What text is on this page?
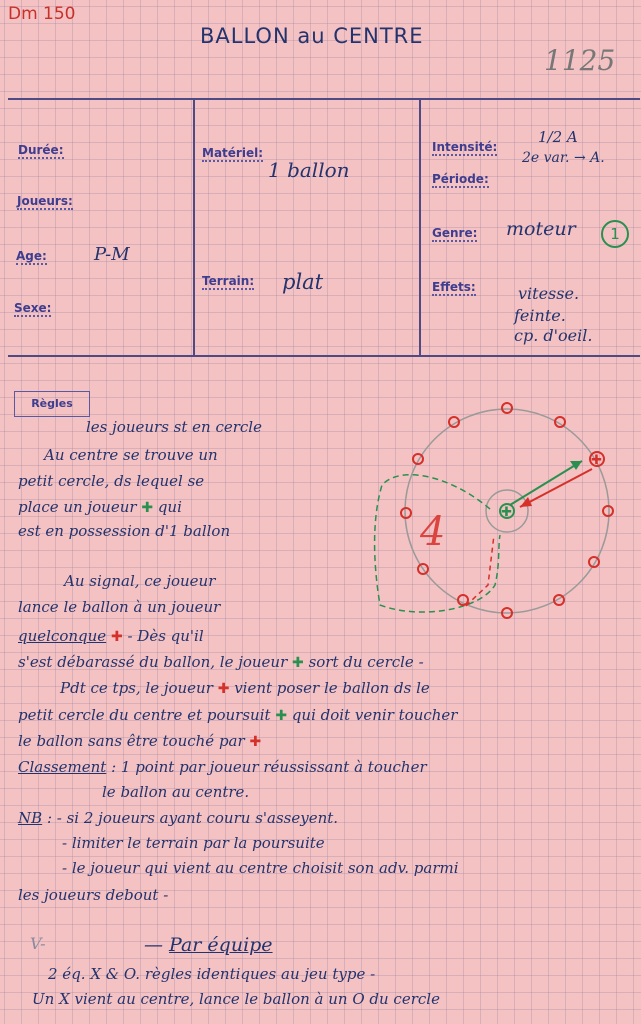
Dm 150
BALLON au CENTRE
1125
Durée:
Joueurs:
Age:	P-M
Sexe:
Matériel:
1 ballon
Terrain: plat
Intensité:
1/2 A
2e var. → A.
Période:
Genre: moteur	1
Effets:	vitesse.
feinte.
cp. d'oeil.
Règles
les joueurs st en cercle
Au centre se trouve un
petit cercle, ds lequel se
place un joueur ✚ qui
est en possession d'1 ballon
Au signal, ce joueur
lance le ballon à un joueur
quelconque ✚ - Dès qu'il
s'est débarassé du ballon, le joueur ✚ sort du cercle -
Pdt ce tps, le joueur ✚ vient poser le ballon ds le
petit cercle du centre et poursuit ✚ qui doit venir toucher
le ballon sans être touché par ✚
Classement : 1 point par joueur réussissant à toucher
le ballon au centre.
NB : - si 2 joueurs ayant couru s'asseyent.
- limiter le terrain par la poursuite
- le joueur qui vient au centre choisit son adv. parmi
les joueurs debout -
V-	— Par équipe
2 éq. X & O. règles identiques au jeu type -
Un X vient au centre, lance le ballon à un O du cercle
4
✚
✚
